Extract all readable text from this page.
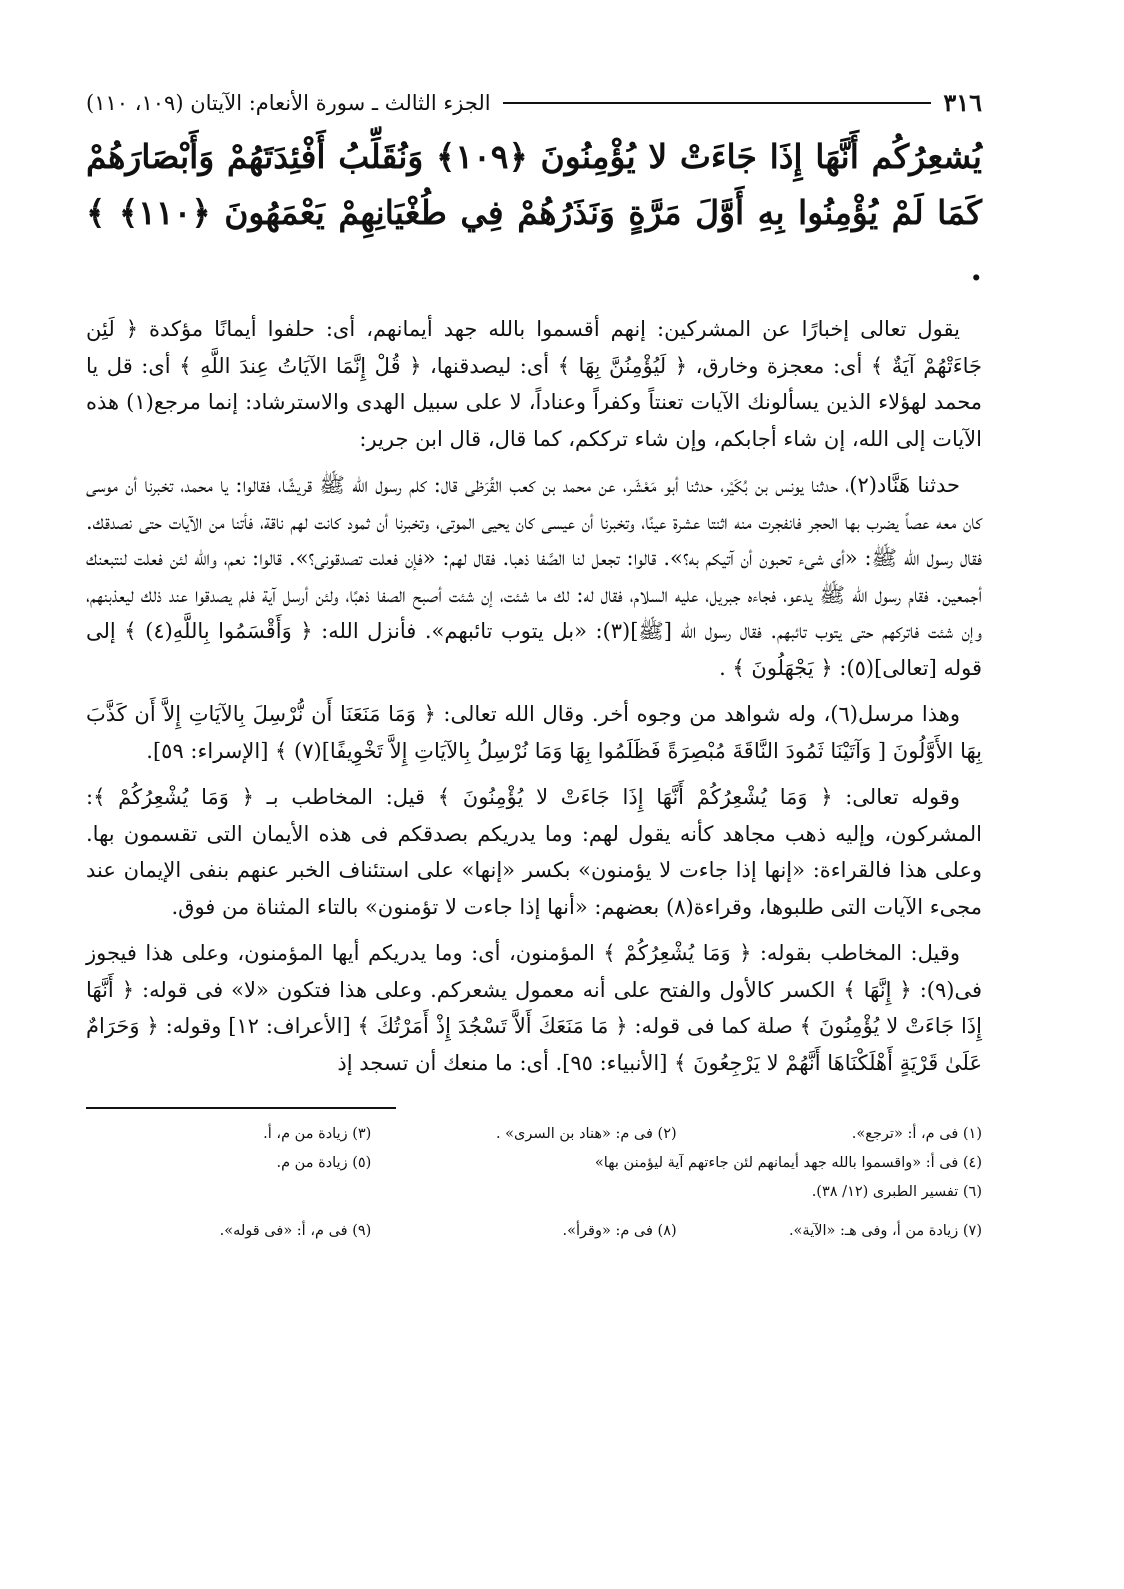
٣١٦
الجزء الثالث ـ سورة الأنعام: الآيتان (١٠٩، ١١٠)

يُشعِرُكُم أَنَّهَا إِذَا جَاءَتْ لا يُؤْمِنُونَ ﴿١٠٩﴾ وَنُقَلِّبُ أَفْئِدَتَهُمْ وَأَبْصَارَهُمْ كَمَا لَمْ يُؤْمِنُوا بِهِ أَوَّلَ مَرَّةٍ وَنَذَرُهُمْ فِي طُغْيَانِهِمْ يَعْمَهُونَ ﴿١١٠﴾ ﴾ .

يقول تعالى إخبارًا عن المشركين: إنهم أقسموا بالله جهد أيمانهم، أى: حلفوا أيمانًا مؤكدة ﴿ لَئِن جَاءَتْهُمْ آيَةٌ ﴾ أى: معجزة وخارق، ﴿ لَيُؤْمِنُنَّ بِهَا ﴾ أى: ليصدقنها، ﴿ قُلْ إِنَّمَا الآيَاتُ عِندَ اللَّهِ ﴾ أى: قل يا محمد لهؤلاء الذين يسألونك الآيات تعنتاً وكفراً وعناداً، لا على سبيل الهدى والاسترشاد: إنما مرجع(١) هذه الآيات إلى الله، إن شاء أجابكم، وإن شاء ترككم، كما قال، قال ابن جرير:

حدثنا هَنَّاد(٢)، حدثنا يونس بن بُكَيْر، حدثنا أبو مَعْشَر، عن محمد بن كعب القُرَظى قال: كلم رسول الله ﷺ قريشًا، فقالوا: يا محمد، تخبرنا أن موسى كان معه عصاً يضرب بها الحجر فانفجرت منه اثنتا عشرة عينًا، وتخبرنا أن عيسى كان يحيى الموتى، وتخبرنا أن ثمود كانت لهم ناقة، فأتنا من الآيات حتى نصدقك. فقال رسول الله ﷺ: «أى شىء تحبون أن آتيكم به؟». قالوا: تجعل لنا الصَّفا ذهبا. فقال لهم: «فإن فعلت تصدقونى؟». قالوا: نعم، والله لئن فعلت لنتبعنك أجمعين. فقام رسول الله ﷺ يدعو، فجاءه جبريل، عليه السلام، فقال له: لك ما شئت، إن شئت أصبح الصفا ذهبًا، ولئن أرسل آية فلم يصدقوا عند ذلك ليعذبنهم، وإن شئت فاتركهم حتى يتوب تائبهم. فقال رسول الله [ﷺ](٣): «بل يتوب تائبهم». فأنزل الله: ﴿ وَأَقْسَمُوا بِاللَّهِ(٤) ﴾ إلى قوله [تعالى](٥): ﴿ يَجْهَلُونَ ﴾ .

وهذا مرسل(٦)، وله شواهد من وجوه أخر. وقال الله تعالى: ﴿ وَمَا مَنَعَنَا أَن نُّرْسِلَ بِالآيَاتِ إِلاَّ أَن كَذَّبَ بِهَا الأَوَّلُونَ [ وَآتَيْنَا ثَمُودَ النَّاقَةَ مُبْصِرَةً فَظَلَمُوا بِهَا وَمَا نُرْسِلُ بِالآيَاتِ إِلاَّ تَخْوِيفًا](٧) ﴾ [الإسراء: ٥٩].

وقوله تعالى: ﴿ وَمَا يُشْعِرُكُمْ أَنَّهَا إِذَا جَاءَتْ لا يُؤْمِنُونَ ﴾ قيل: المخاطب بـ ﴿ وَمَا يُشْعِرُكُمْ ﴾: المشركون، وإليه ذهب مجاهد كأنه يقول لهم: وما يدريكم بصدقكم فى هذه الأيمان التى تقسمون بها. وعلى هذا فالقراءة: «إنها إذا جاءت لا يؤمنون» بكسر «إنها» على استئناف الخبر عنهم بنفى الإيمان عند مجىء الآيات التى طلبوها، وقراءة(٨) بعضهم: «أنها إذا جاءت لا تؤمنون» بالتاء المثناة من فوق.

وقيل: المخاطب بقوله: ﴿ وَمَا يُشْعِرُكُمْ ﴾ المؤمنون، أى: وما يدريكم أيها المؤمنون، وعلى هذا فيجوز فى(٩): ﴿ إِنَّهَا ﴾ الكسر كالأول والفتح على أنه معمول يشعركم. وعلى هذا فتكون «لا» فى قوله: ﴿ أَنَّهَا إِذَا جَاءَتْ لا يُؤْمِنُونَ ﴾ صلة كما فى قوله: ﴿ مَا مَنَعَكَ أَلاَّ تَسْجُدَ إِذْ أَمَرْتُكَ ﴾ [الأعراف: ١٢] وقوله: ﴿ وَحَرَامٌ عَلَىٰ قَرْيَةٍ أَهْلَكْنَاهَا أَنَّهُمْ لا يَرْجِعُونَ ﴾ [الأنبياء: ٩٥]. أى: ما منعك أن تسجد إذ

(١) فى م، أ: «ترجع».
(٢) فى م: «هناد بن السرى» .
(٣) زيادة من م، أ.
(٤) فى أ: «واقسموا بالله جهد أيمانهم لئن جاءتهم آية ليؤمنن بها»
(٥) زيادة من م.
(٦) تفسير الطبرى (١٢/ ٣٨).
(٧) زيادة من أ، وفى هـ: «الآية».
(٨) فى م: «وقرأ».
(٩) فى م، أ: «فى قوله».
